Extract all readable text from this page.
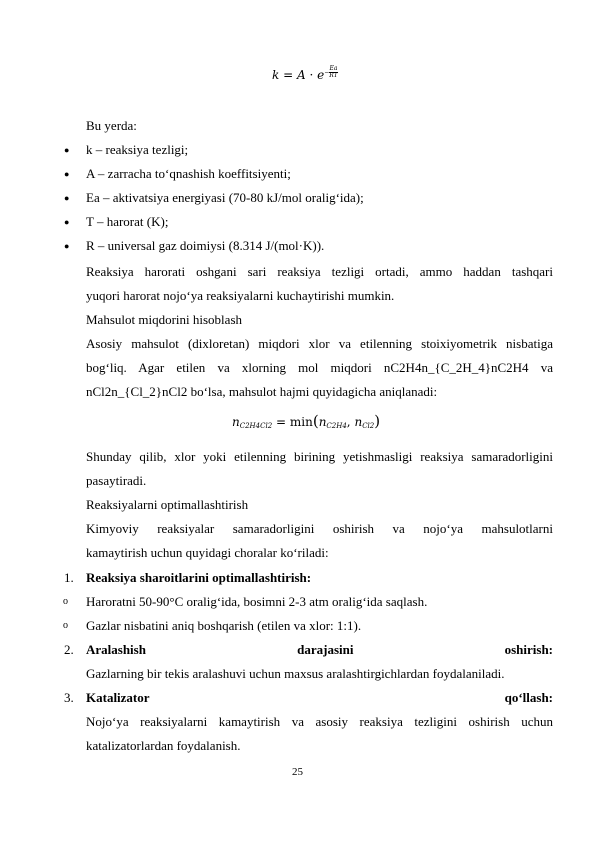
$k = A \cdot e^{- \frac{Ea}{RT}}$
Bu yerda:
● k – reaksiya tezligi;
● A – zarracha to‘qnashish koeffitsiyenti;
● Ea – aktivatsiya energiyasi (70-80 kJ/mol oralig‘ida);
● T – harorat (K);
● R – universal gaz doimiysi (8.314 J/(mol·K)).
Reaksiya harorati oshgani sari reaksiya tezligi ortadi, ammo haddan tashqari
yuqori harorat nojo‘ya reaksiyalarni kuchaytirishi mumkin.
Mahsulot miqdorini hisoblash
Asosiy mahsulot (dixloretan) miqdori xlor va etilenning stoixiyometrik nisbatiga
bog‘liq. Agar etilen va xlorning mol miqdori nC2H4n_{C_2H_4}nC2H4 va
nCl2n_{Cl_2}nCl2 bo‘lsa, mahsulot hajmi quyidagicha aniqlanadi:
$n_{C2H4Cl2} = \min(n_{C2H4}$, $n_{Cl2}$)
Shunday qilib, xlor yoki etilenning birining yetishmasligi reaksiya samaradorligini
pasaytiradi.
Reaksiyalarni optimallashtirish
Kimyoviy reaksiyalar samaradorligini oshirish va nojo‘ya mahsulotlarni
kamaytirish uchun quyidagi choralar ko‘riladi:
1. Reaksiya sharoitlarini optimallashtirish:
o Haroratni 50-90°C oralig‘ida, bosimni 2-3 atm oralig‘ida saqlash.
o Gazlar nisbatini aniq boshqarish (etilen va xlor: 1:1).
2. Aralashish darajasini oshirish:
Gazlarning bir tekis aralashuvi uchun maxsus aralashtirgichlardan foydalaniladi.
3. Katalizator qo‘llash:
Nojo‘ya reaksiyalarni kamaytirish va asosiy reaksiya tezligini oshirish uchun
katalizatorlardan foydalanish.
25
